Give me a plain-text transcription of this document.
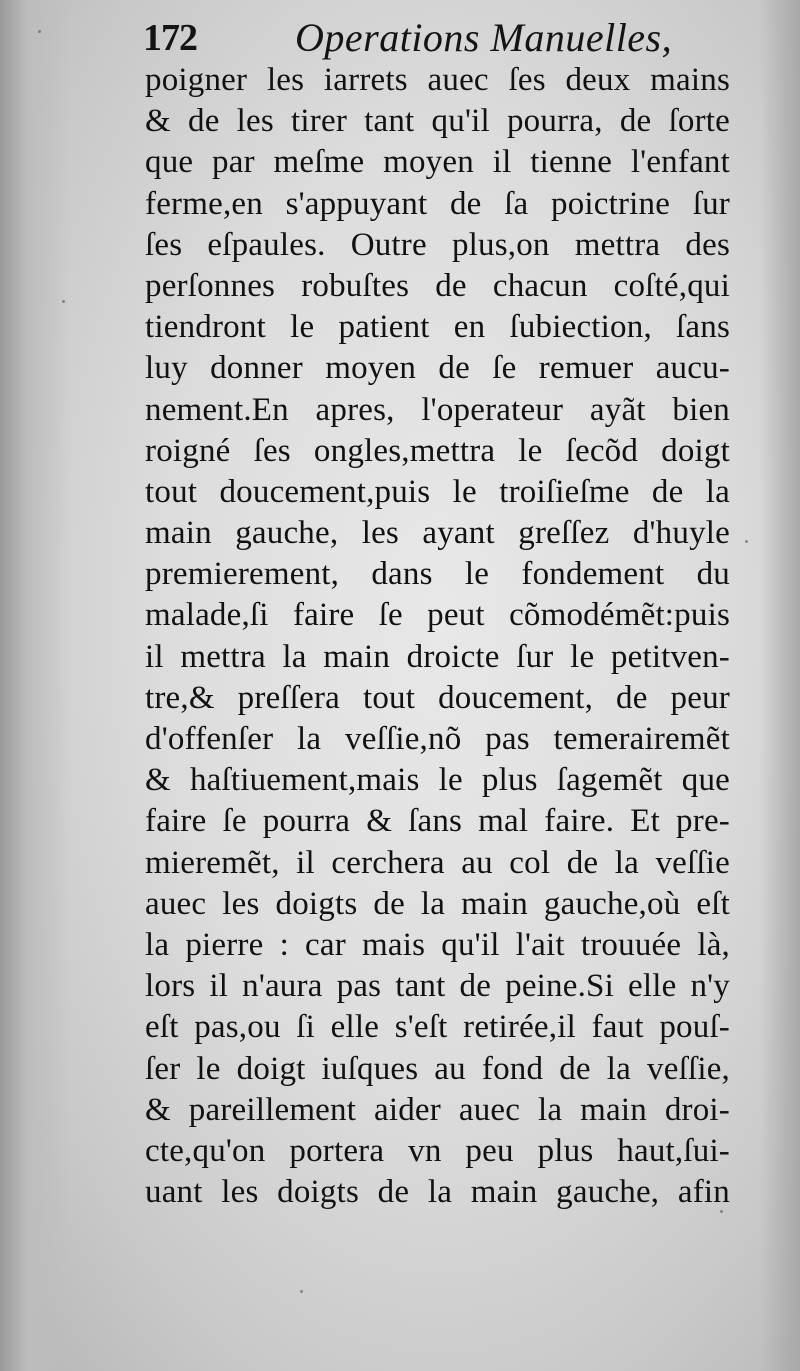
172 Operations Manuelles,
poigner les iarrets auec ſes deux mains
& de les tirer tant qu'il pourra, de ſorte
que par meſme moyen il tienne l'enfant
ferme,en s'appuyant de ſa poictrine ſur
ſes eſpaules. Outre plus,on mettra des
perſonnes robuſtes de chacun coſté,qui
tiendront le patient en ſubiection, ſans
luy donner moyen de ſe remuer aucu-
nement.En apres, l'operateur ayãt bien
roigné ſes ongles,mettra le ſecõd doigt
tout doucement,puis le troiſieſme de la
main gauche, les ayant greſſez d'huyle
premierement, dans le fondement du
malade,ſi faire ſe peut cõmodémẽt:puis
il mettra la main droicte ſur le petitven-
tre,& preſſera tout doucement, de peur
d'offenſer la veſſie,nõ pas temerairemẽt
& haſtiuement,mais le plus ſagemẽt que
faire ſe pourra & ſans mal faire. Et pre-
mieremẽt, il cerchera au col de la veſſie
auec les doigts de la main gauche,où eſt
la pierre : car mais qu'il l'ait trouuée là,
lors il n'aura pas tant de peine.Si elle n'y
eſt pas,ou ſi elle s'eſt retirée,il faut pouſ-
ſer le doigt iuſques au fond de la veſſie,
& pareillement aider auec la main droi-
cte,qu'on portera vn peu plus haut,ſui-
uant les doigts de la main gauche, afin
